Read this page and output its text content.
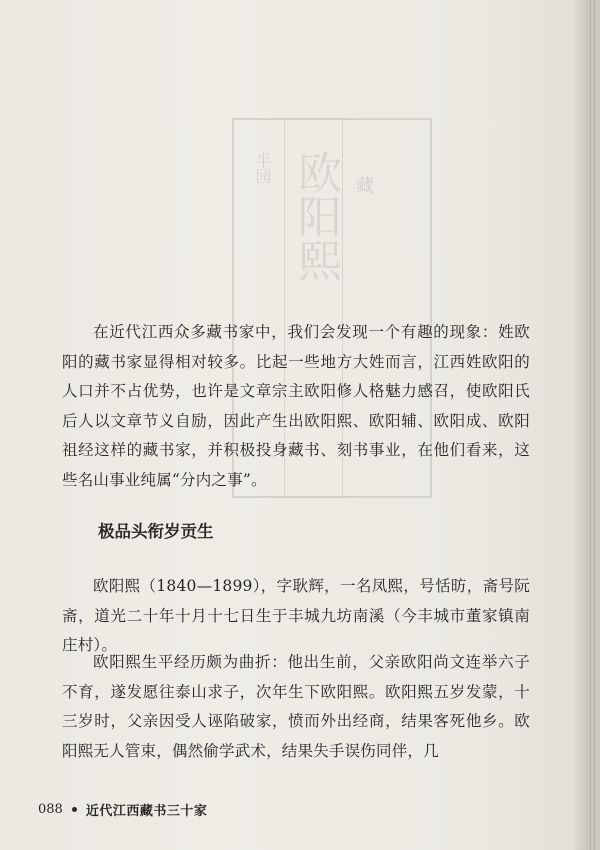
半园 欧阳熙 藏

在近代江西众多藏书家中，我们会发现一个有趣的现象：姓欧阳的藏书家显得相对较多。比起一些地方大姓而言，江西姓欧阳的人口并不占优势，也许是文章宗主欧阳修人格魅力感召，使欧阳氏后人以文章节义自励，因此产生出欧阳熙、欧阳辅、欧阳成、欧阳祖经这样的藏书家，并积极投身藏书、刻书事业，在他们看来，这些名山事业纯属“分内之事”。

极品头衔岁贡生

欧阳熙（1840—1899），字耿辉，一名凤熙，号恬昉，斋号阮斋，道光二十年十月十七日生于丰城九坊南溪（今丰城市董家镇南庄村）。

欧阳熙生平经历颇为曲折：他出生前，父亲欧阳尚文连举六子不育，遂发愿往泰山求子，次年生下欧阳熙。欧阳熙五岁发蒙，十三岁时，父亲因受人诬陷破家，愤而外出经商，结果客死他乡。欧阳熙无人管束，偶然偷学武术，结果失手误伤同伴，几

088 近代江西藏书三十家
